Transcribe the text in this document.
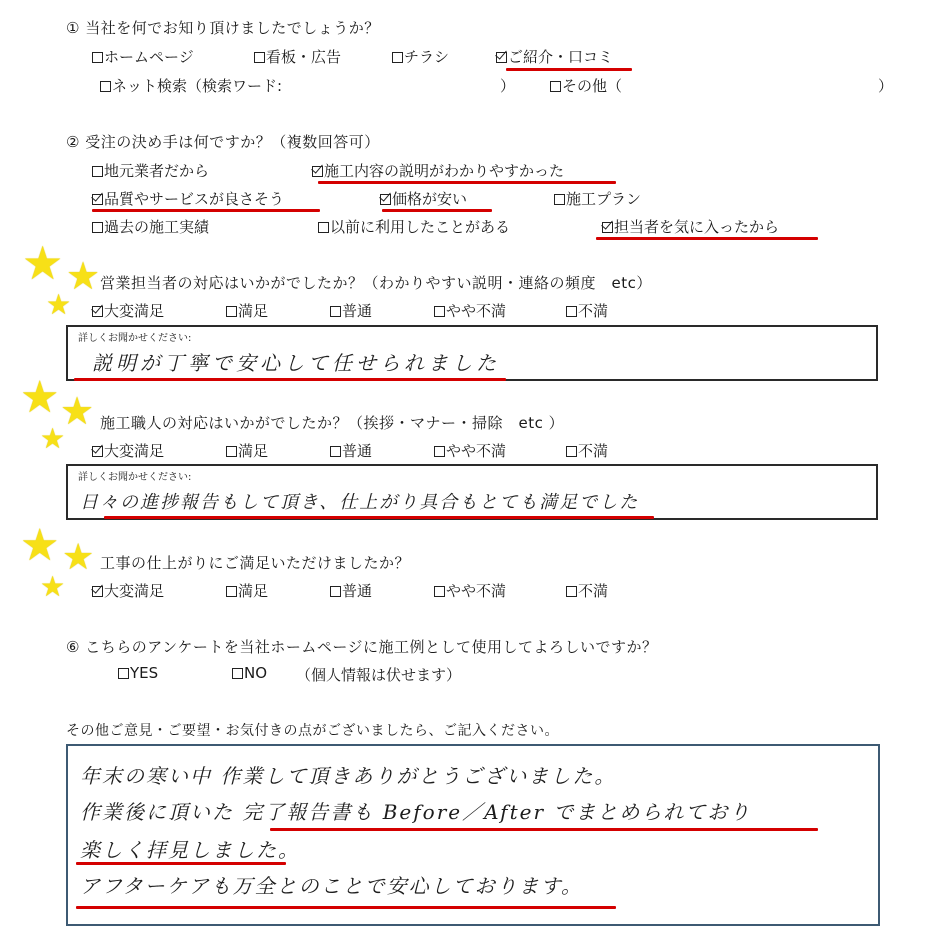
① 当社を何でお知り頂けましたでしょうか？
ホームページ	看板・広告	チラシ	ご紹介・口コミ
ネット検索（検索ワード:	）	その他（	）
② 受注の決め手は何ですか？（複数回答可）
地元業者だから	施工内容の説明がわかりやすかった
品質やサービスが良さそう	価格が安い	施工プラン
過去の施工実績	以前に利用したことがある	担当者を気に入ったから
★ ★
★
営業担当者の対応はいかがでしたか？（わかりやすい説明・連絡の頻度　etc）
大変満足	満足	普通	やや不満	不満
詳しくお聞かせください:
説明が丁寧で安心して任せられました
★ ★
★ 施工職人の対応はいかがでしたか？（挨拶・マナー・掃除　etc ）
大変満足	満足	普通	やや不満	不満
詳しくお聞かせください:
日々の進捗報告もして頂き、仕上がり具合もとても満足でした
★ ★
★
工事の仕上がりにご満足いただけましたか？
大変満足	満足	普通	やや不満	不満
⑥ こちらのアンケートを当社ホームページに施工例として使用してよろしいですか？
YES	NO （個人情報は伏せます）
その他ご意見・ご要望・お気付きの点がございましたら、ご記入ください。
年末の寒い中 作業して頂きありがとうございました。
作業後に頂いた 完了報告書も Before／After でまとめられており
楽しく拝見しました。
アフターケアも万全とのことで安心しております。
